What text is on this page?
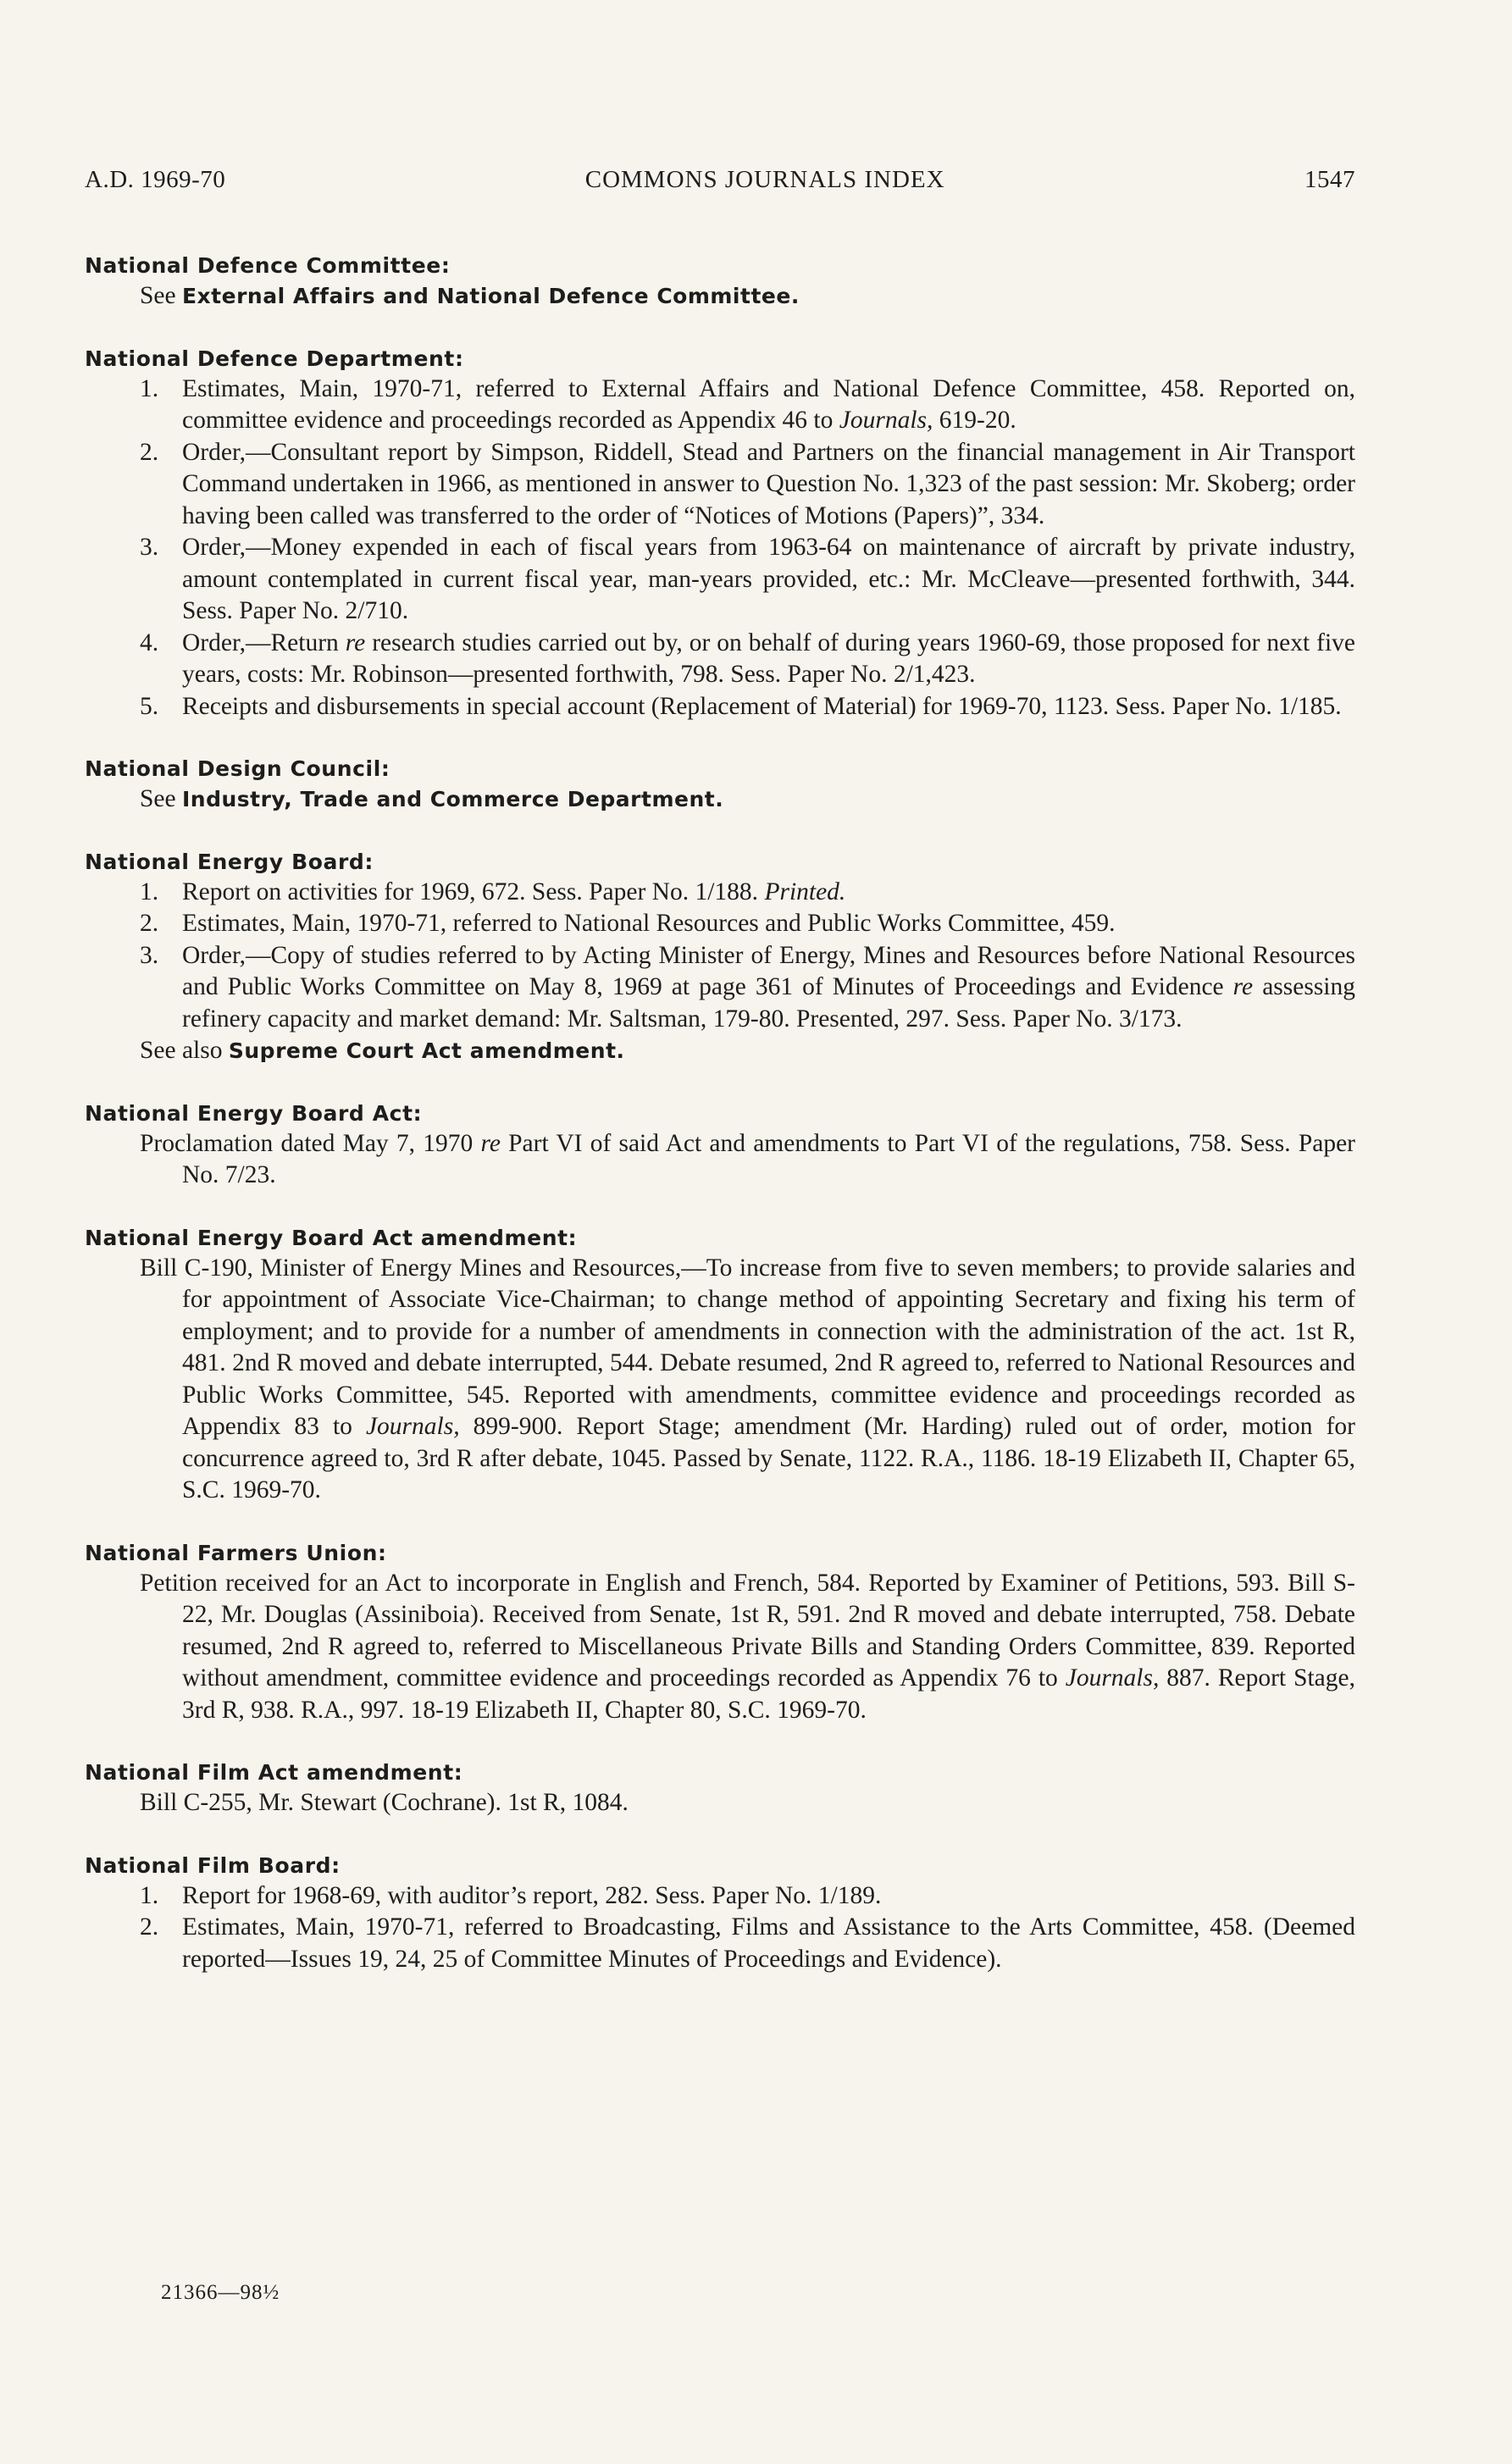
A.D. 1969-70	COMMONS JOURNALS INDEX	1547

National Defence Committee:

See External Affairs and National Defence Committee.

National Defence Department:

1. Estimates, Main, 1970-71, referred to External Affairs and National Defence Committee, 458. Reported on, committee evidence and proceedings recorded as Appendix 46 to Journals, 619-20.
2. Order,—Consultant report by Simpson, Riddell, Stead and Partners on the financial management in Air Transport Command undertaken in 1966, as mentioned in answer to Question No. 1,323 of the past session: Mr. Skoberg; order having been called was transferred to the order of “Notices of Motions (Papers)”, 334.
3. Order,—Money expended in each of fiscal years from 1963-64 on maintenance of aircraft by private industry, amount contemplated in current fiscal year, man-years provided, etc.: Mr. McCleave—presented forthwith, 344. Sess. Paper No. 2/710.
4. Order,—Return re research studies carried out by, or on behalf of during years 1960-69, those proposed for next five years, costs: Mr. Robinson—presented forthwith, 798. Sess. Paper No. 2/1,423.
5. Receipts and disbursements in special account (Replacement of Material) for 1969-70, 1123. Sess. Paper No. 1/185.

National Design Council:

See Industry, Trade and Commerce Department.

National Energy Board:

1. Report on activities for 1969, 672. Sess. Paper No. 1/188. Printed.
2. Estimates, Main, 1970-71, referred to National Resources and Public Works Committee, 459.
3. Order,—Copy of studies referred to by Acting Minister of Energy, Mines and Resources before National Resources and Public Works Committee on May 8, 1969 at page 361 of Minutes of Proceedings and Evidence re assessing refinery capacity and market demand: Mr. Saltsman, 179-80. Presented, 297. Sess. Paper No. 3/173.
See also Supreme Court Act amendment.

National Energy Board Act:

Proclamation dated May 7, 1970 re Part VI of said Act and amendments to Part VI of the regulations, 758. Sess. Paper No. 7/23.

National Energy Board Act amendment:

Bill C-190, Minister of Energy Mines and Resources,—To increase from five to seven members; to provide salaries and for appointment of Associate Vice-Chairman; to change method of appointing Secretary and fixing his term of employment; and to provide for a number of amendments in connection with the administration of the act. 1st R, 481. 2nd R moved and debate interrupted, 544. Debate resumed, 2nd R agreed to, referred to National Resources and Public Works Committee, 545. Reported with amendments, committee evidence and proceedings recorded as Appendix 83 to Journals, 899-900. Report Stage; amendment (Mr. Harding) ruled out of order, motion for concurrence agreed to, 3rd R after debate, 1045. Passed by Senate, 1122. R.A., 1186. 18-19 Elizabeth II, Chapter 65, S.C. 1969-70.

National Farmers Union:

Petition received for an Act to incorporate in English and French, 584. Reported by Examiner of Petitions, 593. Bill S-22, Mr. Douglas (Assiniboia). Received from Senate, 1st R, 591. 2nd R moved and debate interrupted, 758. Debate resumed, 2nd R agreed to, referred to Miscellaneous Private Bills and Standing Orders Committee, 839. Reported without amendment, committee evidence and proceedings recorded as Appendix 76 to Journals, 887. Report Stage, 3rd R, 938. R.A., 997. 18-19 Elizabeth II, Chapter 80, S.C. 1969-70.

National Film Act amendment:

Bill C-255, Mr. Stewart (Cochrane). 1st R, 1084.

National Film Board:

1. Report for 1968-69, with auditor’s report, 282. Sess. Paper No. 1/189.
2. Estimates, Main, 1970-71, referred to Broadcasting, Films and Assistance to the Arts Committee, 458. (Deemed reported—Issues 19, 24, 25 of Committee Minutes of Proceedings and Evidence).
21366—98½
